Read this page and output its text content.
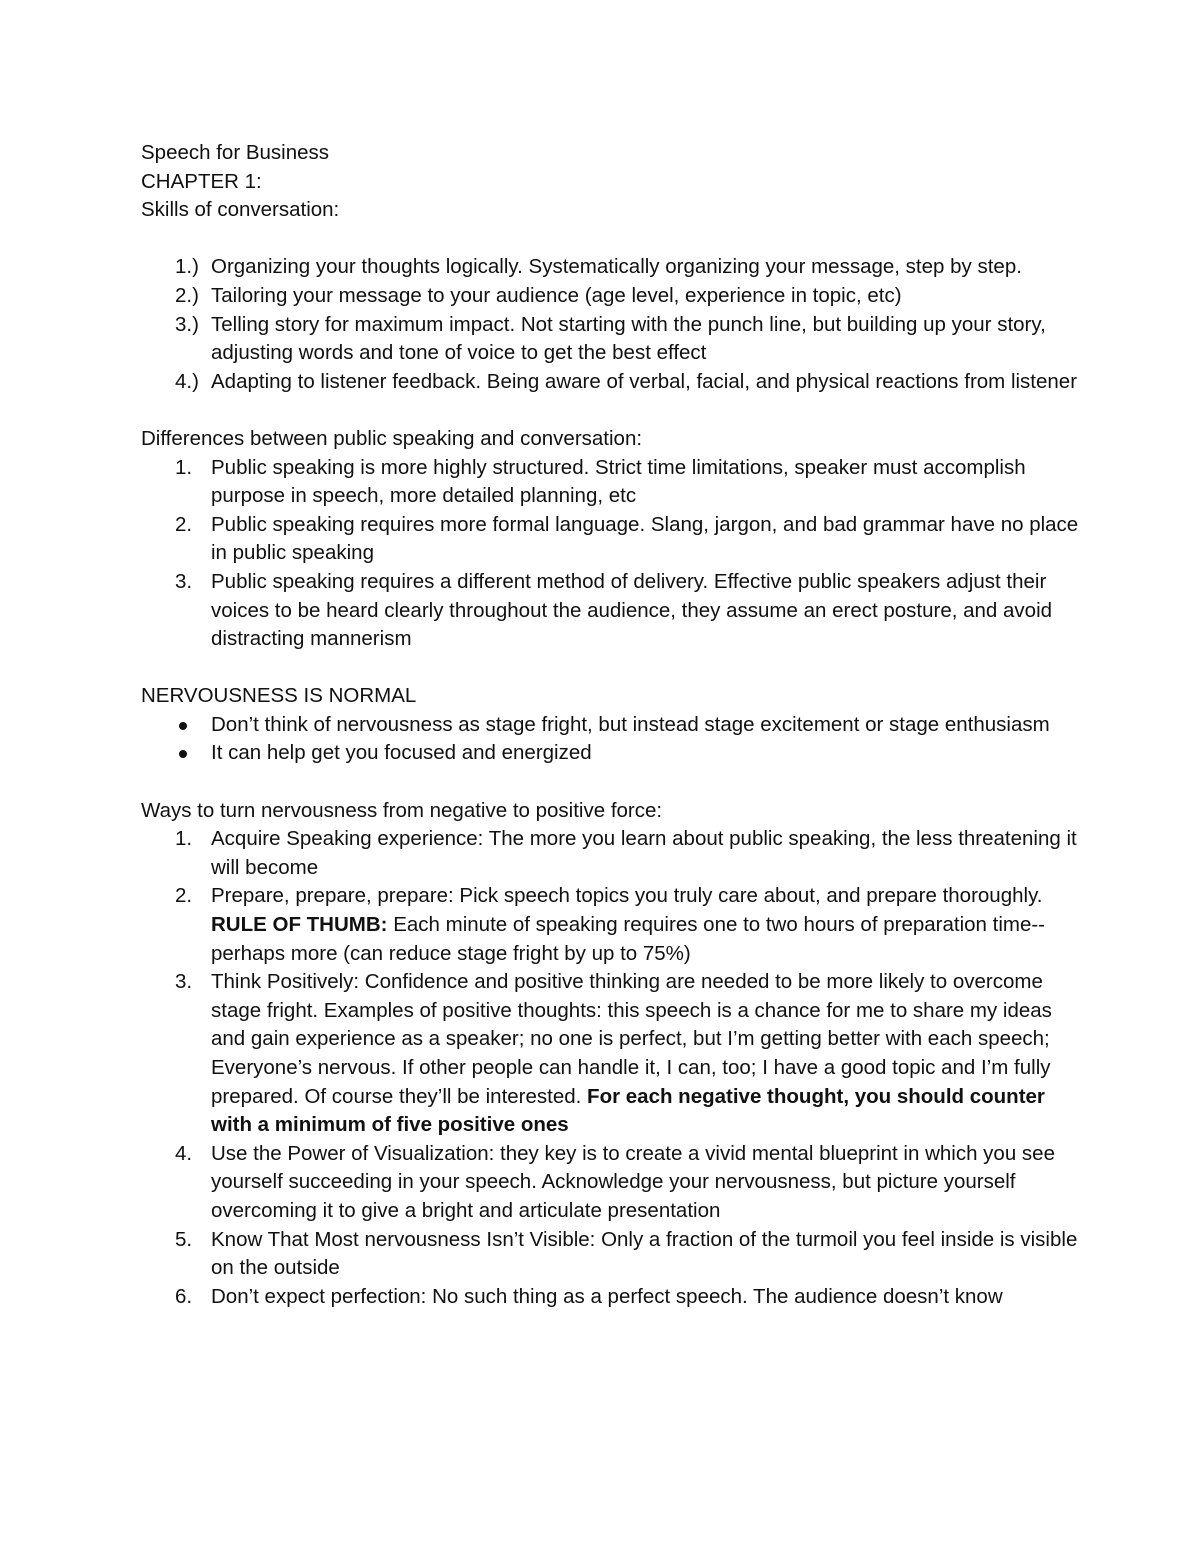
Speech for Business

CHAPTER 1:

Skills of conversation:

1.) Organizing your thoughts logically. Systematically organizing your message, step by step.
2.) Tailoring your message to your audience (age level, experience in topic, etc)
3.) Telling story for maximum impact. Not starting with the punch line, but building up your story, adjusting words and tone of voice to get the best effect
4.) Adapting to listener feedback. Being aware of verbal, facial, and physical reactions from listener

Differences between public speaking and conversation:

1. Public speaking is more highly structured. Strict time limitations, speaker must accomplish purpose in speech, more detailed planning, etc
2. Public speaking requires more formal language. Slang, jargon, and bad grammar have no place in public speaking
3. Public speaking requires a different method of delivery. Effective public speakers adjust their voices to be heard clearly throughout the audience, they assume an erect posture, and avoid distracting mannerism

NERVOUSNESS IS NORMAL

Don’t think of nervousness as stage fright, but instead stage excitement or stage enthusiasm
It can help get you focused and energized

Ways to turn nervousness from negative to positive force:

1. Acquire Speaking experience: The more you learn about public speaking, the less threatening it will become
2. Prepare, prepare, prepare: Pick speech topics you truly care about, and prepare thoroughly. RULE OF THUMB: Each minute of speaking requires one to two hours of preparation time-- perhaps more (can reduce stage fright by up to 75%)
3. Think Positively: Confidence and positive thinking are needed to be more likely to overcome stage fright. Examples of positive thoughts: this speech is a chance for me to share my ideas and gain experience as a speaker; no one is perfect, but I’m getting better with each speech; Everyone’s nervous. If other people can handle it, I can, too; I have a good topic and I’m fully prepared. Of course they’ll be interested. For each negative thought, you should counter with a minimum of five positive ones
4. Use the Power of Visualization: they key is to create a vivid mental blueprint in which you see yourself succeeding in your speech. Acknowledge your nervousness, but picture yourself overcoming it to give a bright and articulate presentation
5. Know That Most nervousness Isn’t Visible: Only a fraction of the turmoil you feel inside is visible on the outside
6. Don’t expect perfection: No such thing as a perfect speech. The audience doesn’t know
